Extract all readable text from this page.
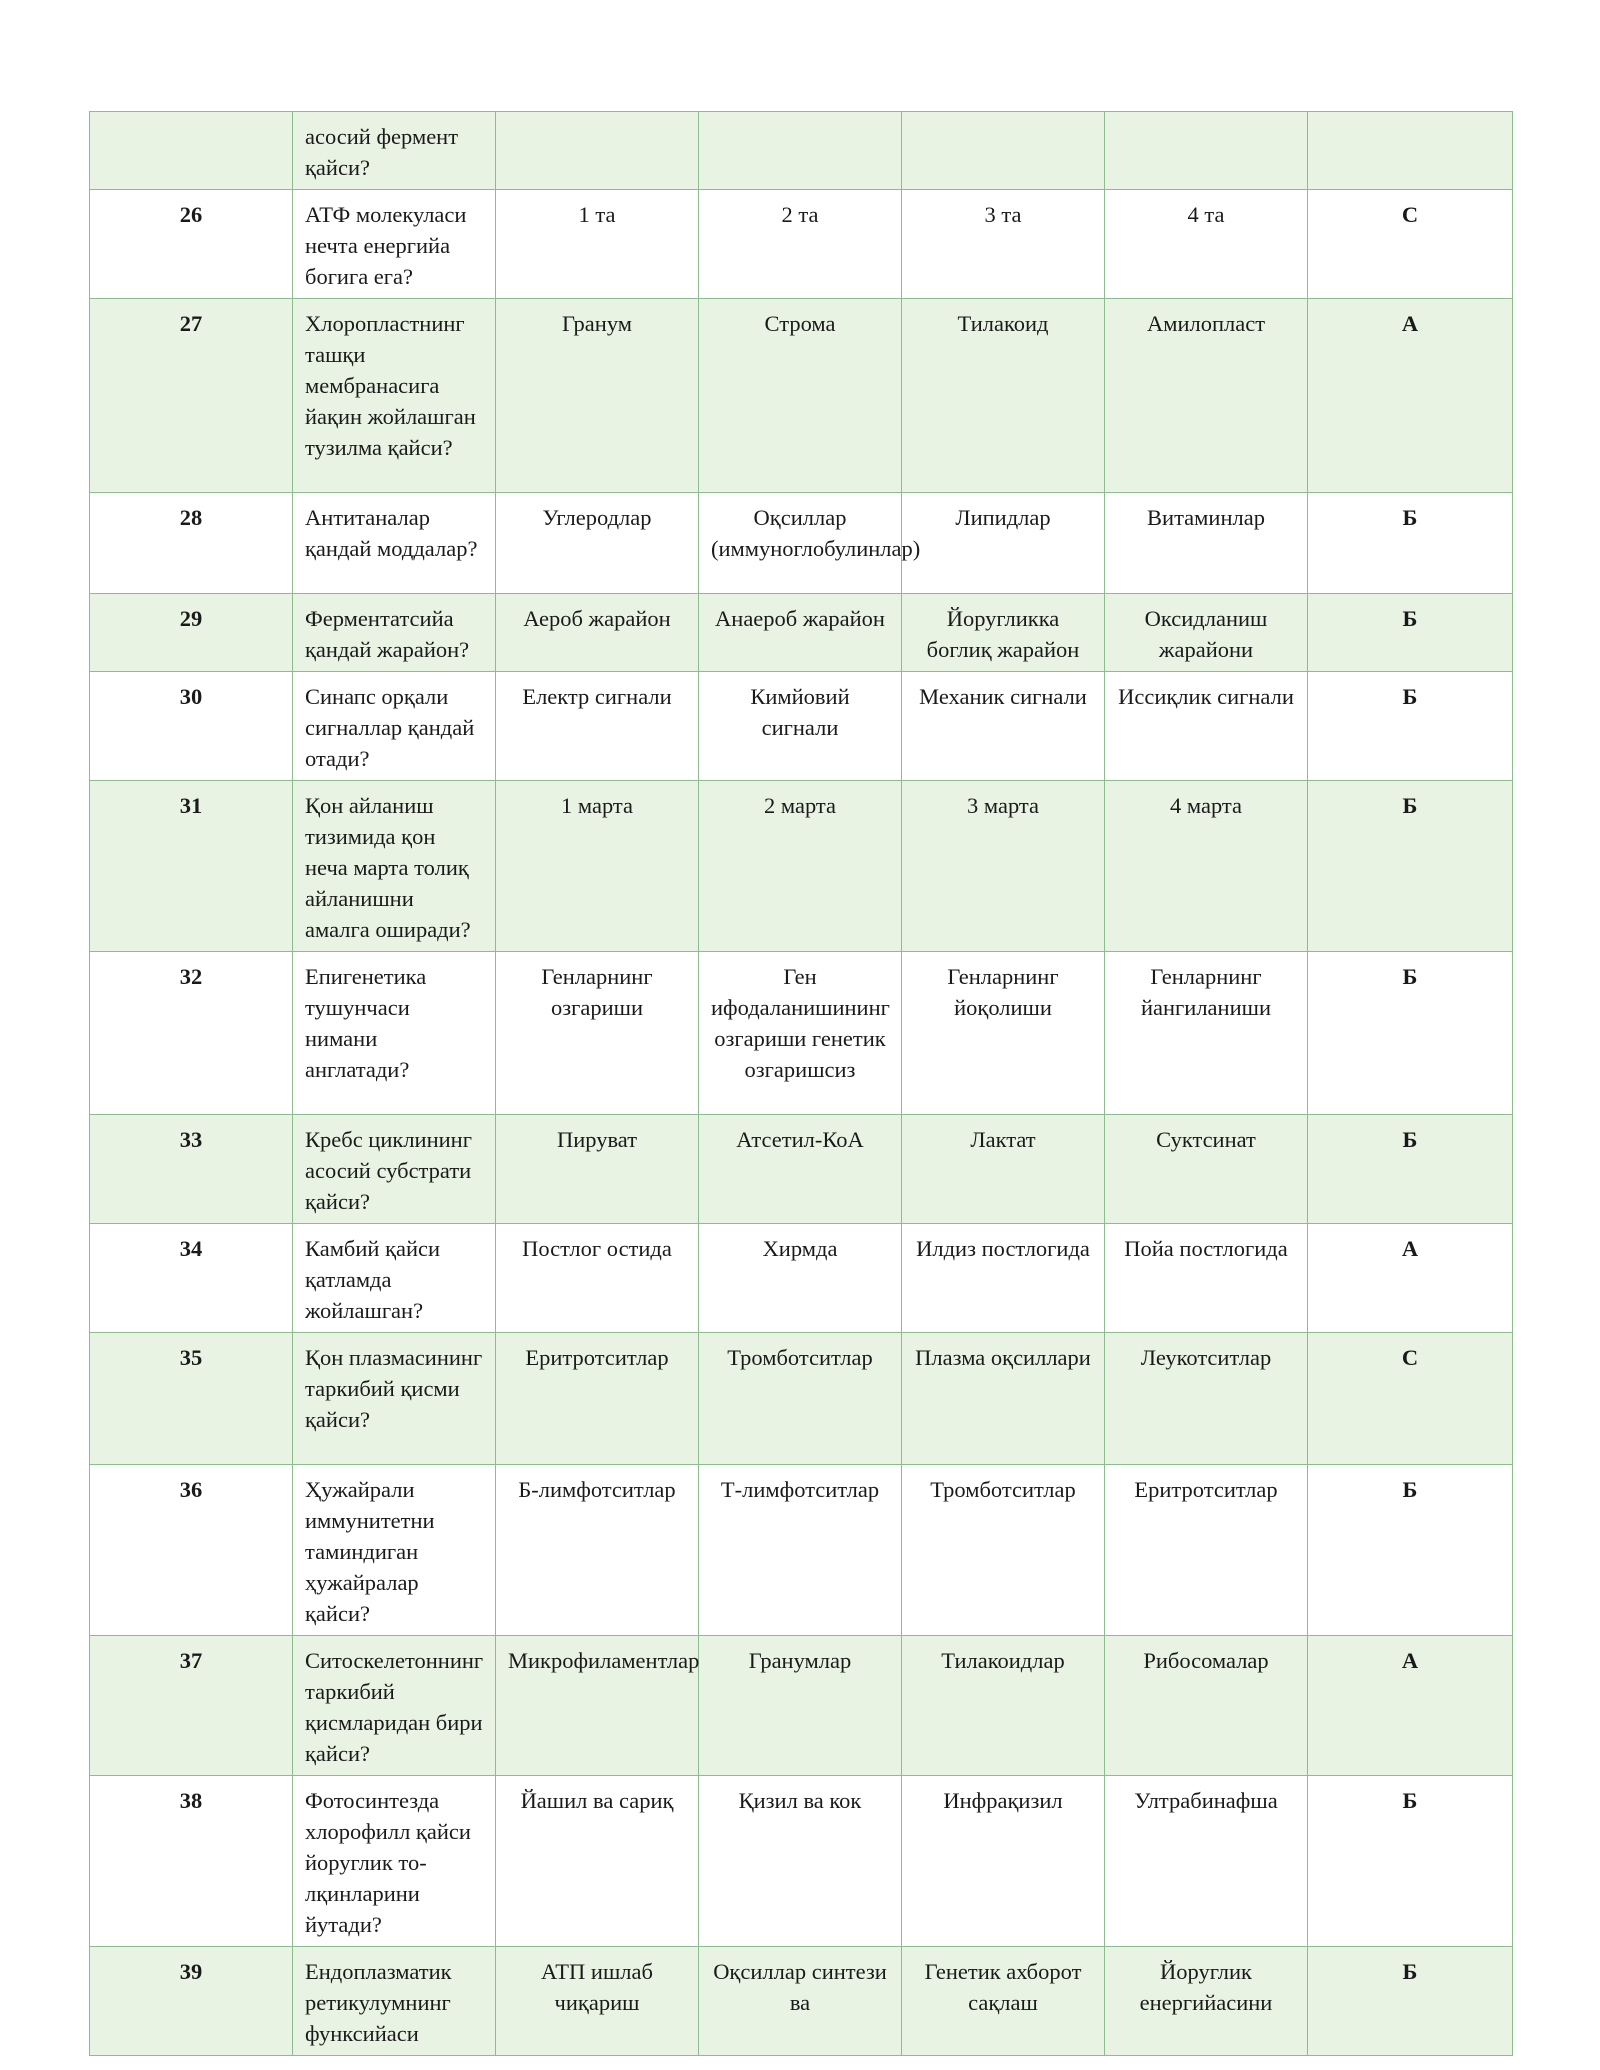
	асосий фермент қайси?					
26	АТФ молекуласи нечта енергийа богига ега?	1 та	2 та	3 та	4 та	С
27	Хлоропластнинг ташқи мембранасига йақин жойлашган тузилма қайси?	Гранум	Строма	Тилакоид	Амилопласт	А
28	Антитаналар қандай моддалар?	Углеродлар	Оқсиллар (иммуноглобулинлар)	Липидлар	Витаминлар	Б
29	Ферментатсийа қандай жарайон?	Аероб жарайон	Анаероб жарайон	Йоругликка боглиқ жарайон	Оксидланиш жарайони	Б
30	Синапс орқали сигналлар қандай отади?	Електр сигнали	Кимйовий сигнали	Механик сигнали	Иссиқлик сигнали	Б
31	Қон айланиш тизимида қон неча марта толиқ айланишни амалга оширади?	1 марта	2 марта	3 марта	4 марта	Б
32	Епигенетика тушунчаси нимани англатади?	Генларнинг озгариши	Ген ифодаланишининг озгариши генетик озгаришсиз	Генларнинг йоқолиши	Генларнинг йангиланиши	Б
33	Кребс циклининг асосий субстрати қайси?	Пируват	Атсетил-КоА	Лактат	Суктсинат	Б
34	Камбий қайси қатламда жойлашган?	Постлог остида	Хирмда	Илдиз постлогида	Пойа постлогида	А
35	Қон плазмасининг таркибий қисми қайси?	Еритротситлар	Тромботситлар	Плазма оқсиллари	Леукотситлар	С
36	Ҳужайрали иммунитетни таминдиган ҳужайралар қайси?	Б-лимфотситлар	Т-лимфотситлар	Тромботситлар	Еритротситлар	Б
37	Ситоскелетоннинг таркибий қисмларидан бири қайси?	Микрофиламентлар	Гранумлар	Тилакоидлар	Рибосомалар	А
38	Фотосинтезда хлорофилл қайси йоруглик то-лқинларини йутади?	Йашил ва сариқ	Қизил ва кок	Инфрақизил	Ултрабинафша	Б
39	Ендоплазматик ретикулумнинг функсийаси	АТП ишлаб чиқариш	Оқсиллар синтези ва	Генетик ахборот сақлаш	Йоруглик енергийасини	Б
